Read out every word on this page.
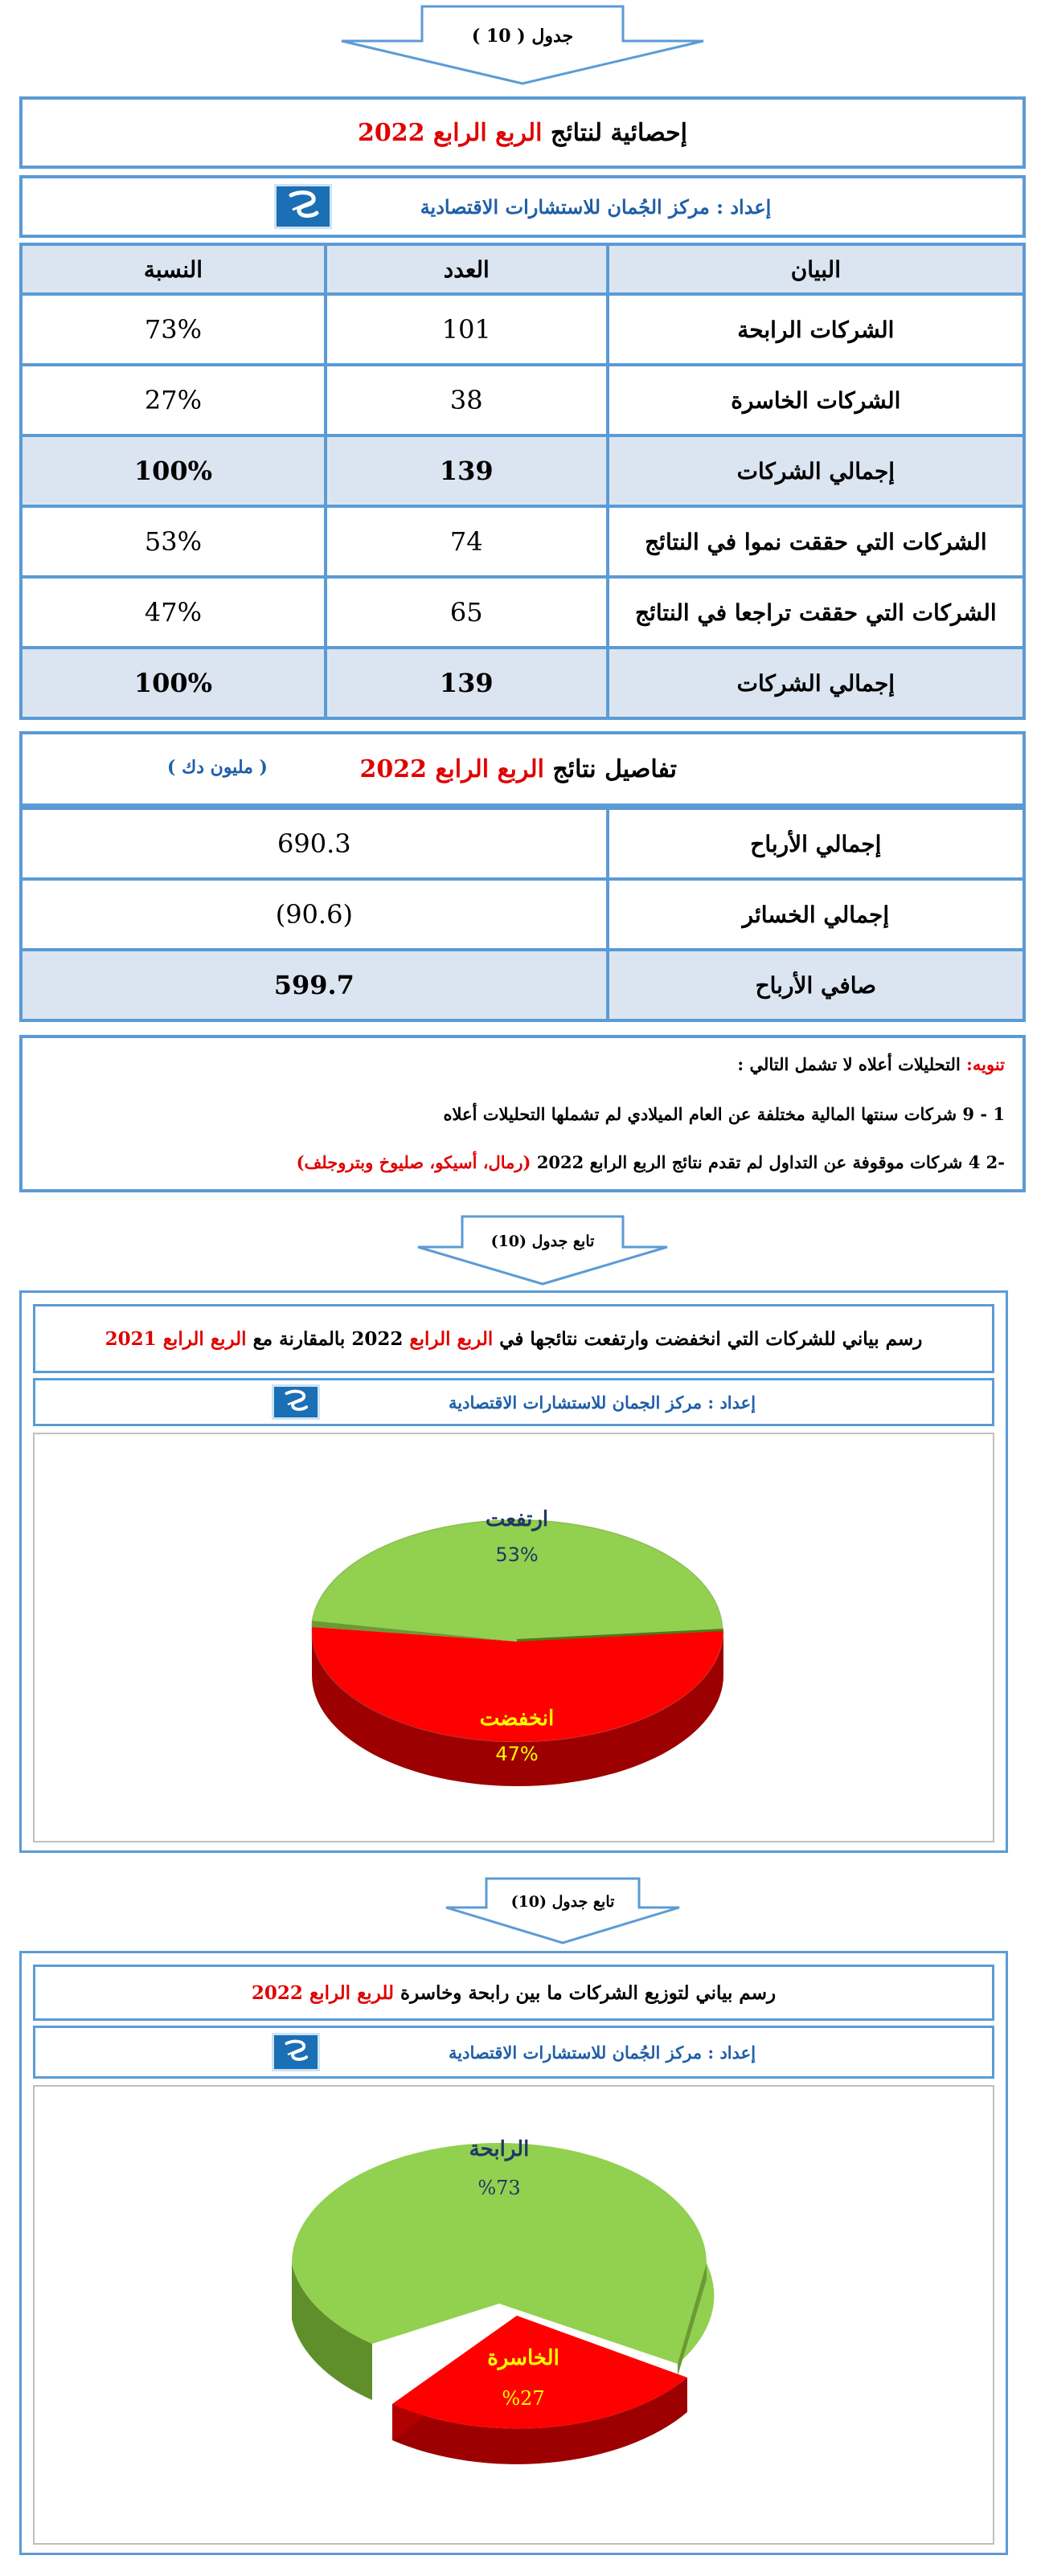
جدول ( 10 )
إحصائية لنتائج

الربع الرابع

2022
إعداد : مركز الجُمان للاستشارات الاقتصادية
البيان	العدد	النسبة
الشركات الرابحة	101	73%
الشركات الخاسرة	38	27%
إجمالي الشركات	139	100%
الشركات التي حققت نموا في النتائج	74	53%
الشركات التي حققت تراجعا في النتائج	65	47%
إجمالي الشركات	139	100%
تفاصيل نتائج

الربع الرابع

2022
( مليون دك )
إجمالي الأرباح	690.3
إجمالي الخسائر	(90.6)
صافي الأرباح	599.7
تنويه: التحليلات أعلاه لا تشمل التالي :
1 - 9 شركات سنتها المالية مختلفة عن العام الميلادي لم تشملها التحليلات أعلاه
-2 4 شركات موقوفة عن التداول لم تقدم نتائج الربع الرابع 2022 (رمال، أسيكو، صليوخ وبتروجلف)
تابع جدول (10)
رسم بياني للشركات التي انخفضت وارتفعت نتائجها في

الربع الرابع

2022 بالمقارنة مع

الربع الرابع

2021
إعداد : مركز الجمان للاستشارات الاقتصادية
ارتفعت
53%
انخفضت
47%
تابع جدول (10)
رسم بياني لتوزيع الشركات ما بين رابحة وخاسرة

للربع الرابع

2022
إعداد : مركز الجُمان للاستشارات الاقتصادية
الرابحة
%73
الخاسرة
%27
